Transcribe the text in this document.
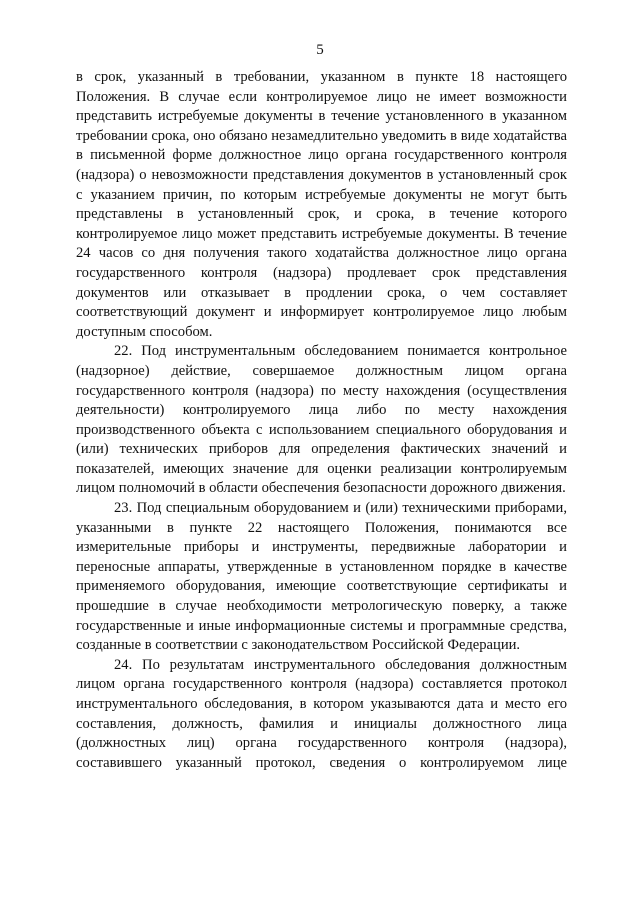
5

в срок, указанный в требовании, указанном в пункте 18 настоящего Положения. В случае если контролируемое лицо не имеет возможности представить истребуемые документы в течение установленного в указанном требовании срока, оно обязано незамедлительно уведомить в виде ходатайства в письменной форме должностное лицо органа государственного контроля (надзора) о невозможности представления документов в установленный срок с указанием причин, по которым истребуемые документы не могут быть представлены в установленный срок, и срока, в течение которого контролируемое лицо может представить истребуемые документы. В течение 24 часов со дня получения такого ходатайства должностное лицо органа государственного контроля (надзора) продлевает срок представления документов или отказывает в продлении срока, о чем составляет соответствующий документ и информирует контролируемое лицо любым доступным способом.

22. Под инструментальным обследованием понимается контрольное (надзорное) действие, совершаемое должностным лицом органа государственного контроля (надзора) по месту нахождения (осуществления деятельности) контролируемого лица либо по месту нахождения производственного объекта с использованием специального оборудования и (или) технических приборов для определения фактических значений и показателей, имеющих значение для оценки реализации контролируемым лицом полномочий в области обеспечения безопасности дорожного движения.

23. Под специальным оборудованием и (или) техническими приборами, указанными в пункте 22 настоящего Положения, понимаются все измерительные приборы и инструменты, передвижные лаборатории и переносные аппараты, утвержденные в установленном порядке в качестве применяемого оборудования, имеющие соответствующие сертификаты и прошедшие в случае необходимости метрологическую поверку, а также государственные и иные информационные системы и программные средства, созданные в соответствии с законодательством Российской Федерации.

24. По результатам инструментального обследования должностным лицом органа государственного контроля (надзора) составляется протокол инструментального обследования, в котором указываются дата и место его составления, должность, фамилия и инициалы должностного лица (должностных лиц) органа государственного контроля (надзора), составившего указанный протокол, сведения о контролируемом лице
